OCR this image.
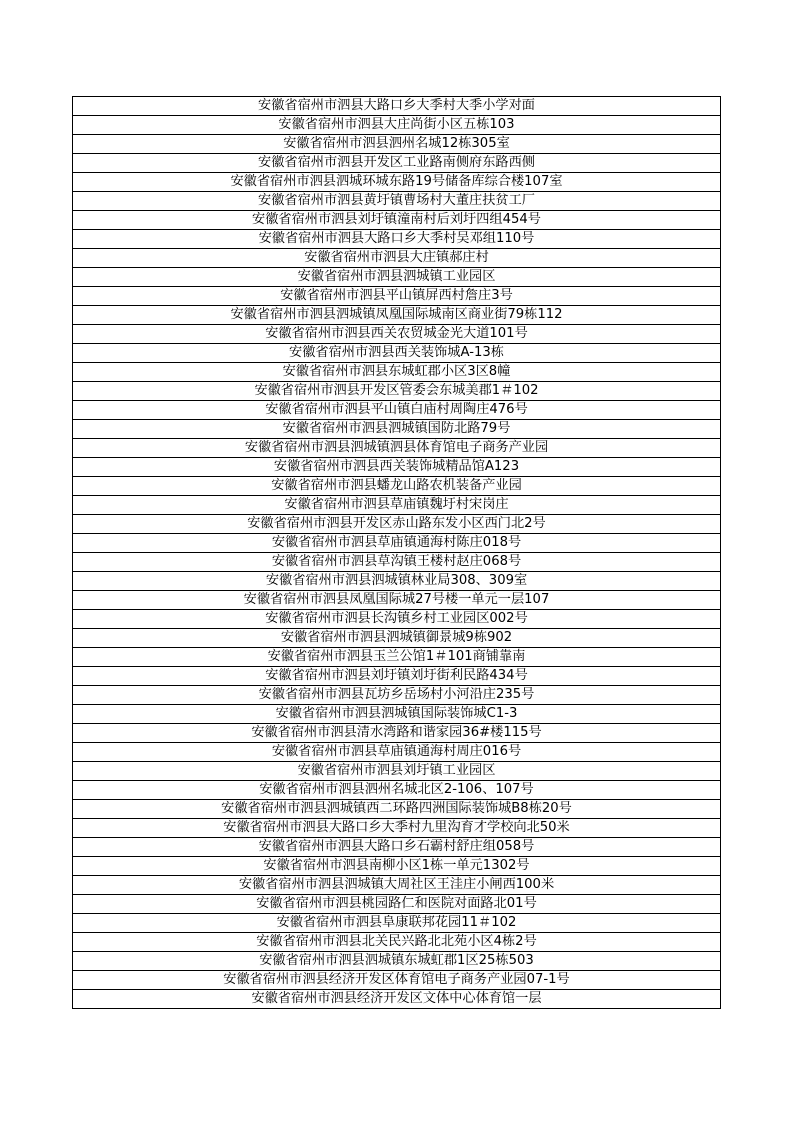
安徽省宿州市泗县大路口乡大季村大季小学对面
安徽省宿州市泗县大庄尚街小区五栋103
安徽省宿州市泗县泗州名城12栋305室
安徽省宿州市泗县开发区工业路南侧府东路西侧
安徽省宿州市泗县泗城环城东路19号储备库综合楼107室
安徽省宿州市泗县黄圩镇曹场村大董庄扶贫工厂
安徽省宿州市泗县刘圩镇潼南村后刘圩四组454号
安徽省宿州市泗县大路口乡大季村吴邓组110号
安徽省宿州市泗县大庄镇郝庄村
安徽省宿州市泗县泗城镇工业园区
安徽省宿州市泗县平山镇屏西村詹庄3号
安徽省宿州市泗县泗城镇凤凰国际城南区商业街79栋112
安徽省宿州市泗县西关农贸城金光大道101号
安徽省宿州市泗县西关装饰城A-13栋
安徽省宿州市泗县东城虹郡小区3区8幢
安徽省宿州市泗县开发区管委会东城美郡1＃102
安徽省宿州市泗县平山镇白庙村周陶庄476号
安徽省宿州市泗县泗城镇国防北路79号
安徽省宿州市泗县泗城镇泗县体育馆电子商务产业园
安徽省宿州市泗县西关装饰城精品馆A123
安徽省宿州市泗县蟠龙山路农机装备产业园
安徽省宿州市泗县草庙镇魏圩村宋岗庄
安徽省宿州市泗县开发区赤山路东发小区西门北2号
安徽省宿州市泗县草庙镇通海村陈庄018号
安徽省宿州市泗县草沟镇王楼村赵庄068号
安徽省宿州市泗县泗城镇林业局308、309室
安徽省宿州市泗县凤凰国际城27号楼一单元一层107
安徽省宿州市泗县长沟镇乡村工业园区002号
安徽省宿州市泗县泗城镇御景城9栋902
安徽省宿州市泗县玉兰公馆1＃101商铺靠南
安徽省宿州市泗县刘圩镇刘圩街利民路434号
安徽省宿州市泗县瓦坊乡岳场村小河沿庄235号
安徽省宿州市泗县泗城镇国际装饰城C1-3
安徽省宿州市泗县清水湾路和谐家园36#楼115号
安徽省宿州市泗县草庙镇通海村周庄016号
安徽省宿州市泗县刘圩镇工业园区
安徽省宿州市泗县泗州名城北区2-106、107号
安徽省宿州市泗县泗城镇西二环路四洲国际装饰城B8栋20号
安徽省宿州市泗县大路口乡大季村九里沟育才学校向北50米
安徽省宿州市泗县大路口乡石霸村舒庄组058号
安徽省宿州市泗县南柳小区1栋一单元1302号
安徽省宿州市泗县泗城镇大周社区王洼庄小闸西100米
安徽省宿州市泗县桃园路仁和医院对面路北01号
安徽省宿州市泗县阜康联邦花园11＃102
安徽省宿州市泗县北关民兴路北北苑小区4栋2号
安徽省宿州市泗县泗城镇东城虹郡1区25栋503
安徽省宿州市泗县经济开发区体育馆电子商务产业园07-1号
安徽省宿州市泗县经济开发区文体中心体育馆一层
